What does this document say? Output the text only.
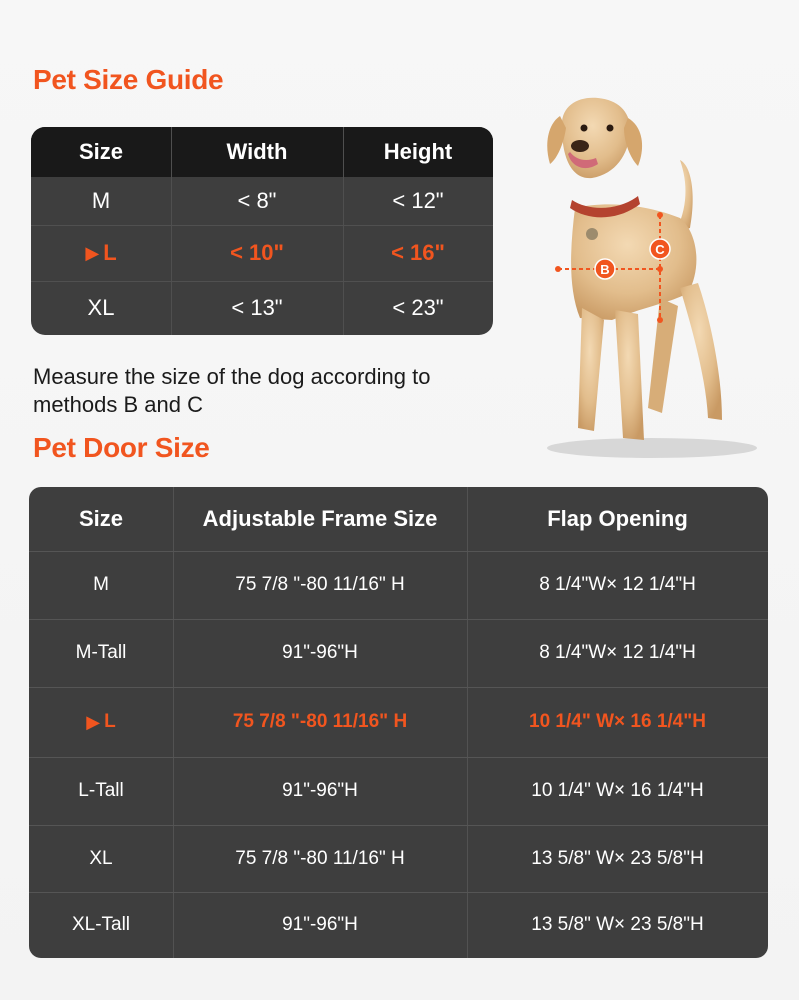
Pet Size Guide
Size	Width	Height
M	< 8"	< 12"
▶ L	< 10"	< 16"
XL	< 13"	< 23"
Measure the size of the dog according to methods B and C
B
C
Pet Door Size
Size	Adjustable Frame Size	Flap Opening
M	75 7/8 "-80 11/16" H	8 1/4"W× 12 1/4"H
M-Tall	91"-96"H	8 1/4"W× 12 1/4"H
▶ L	75 7/8 "-80 11/16" H	10 1/4" W× 16 1/4"H
L-Tall	91"-96"H	10 1/4" W× 16 1/4"H
XL	75 7/8 "-80 11/16" H	13 5/8" W× 23 5/8"H
XL-Tall	91"-96"H	13 5/8" W× 23 5/8"H
